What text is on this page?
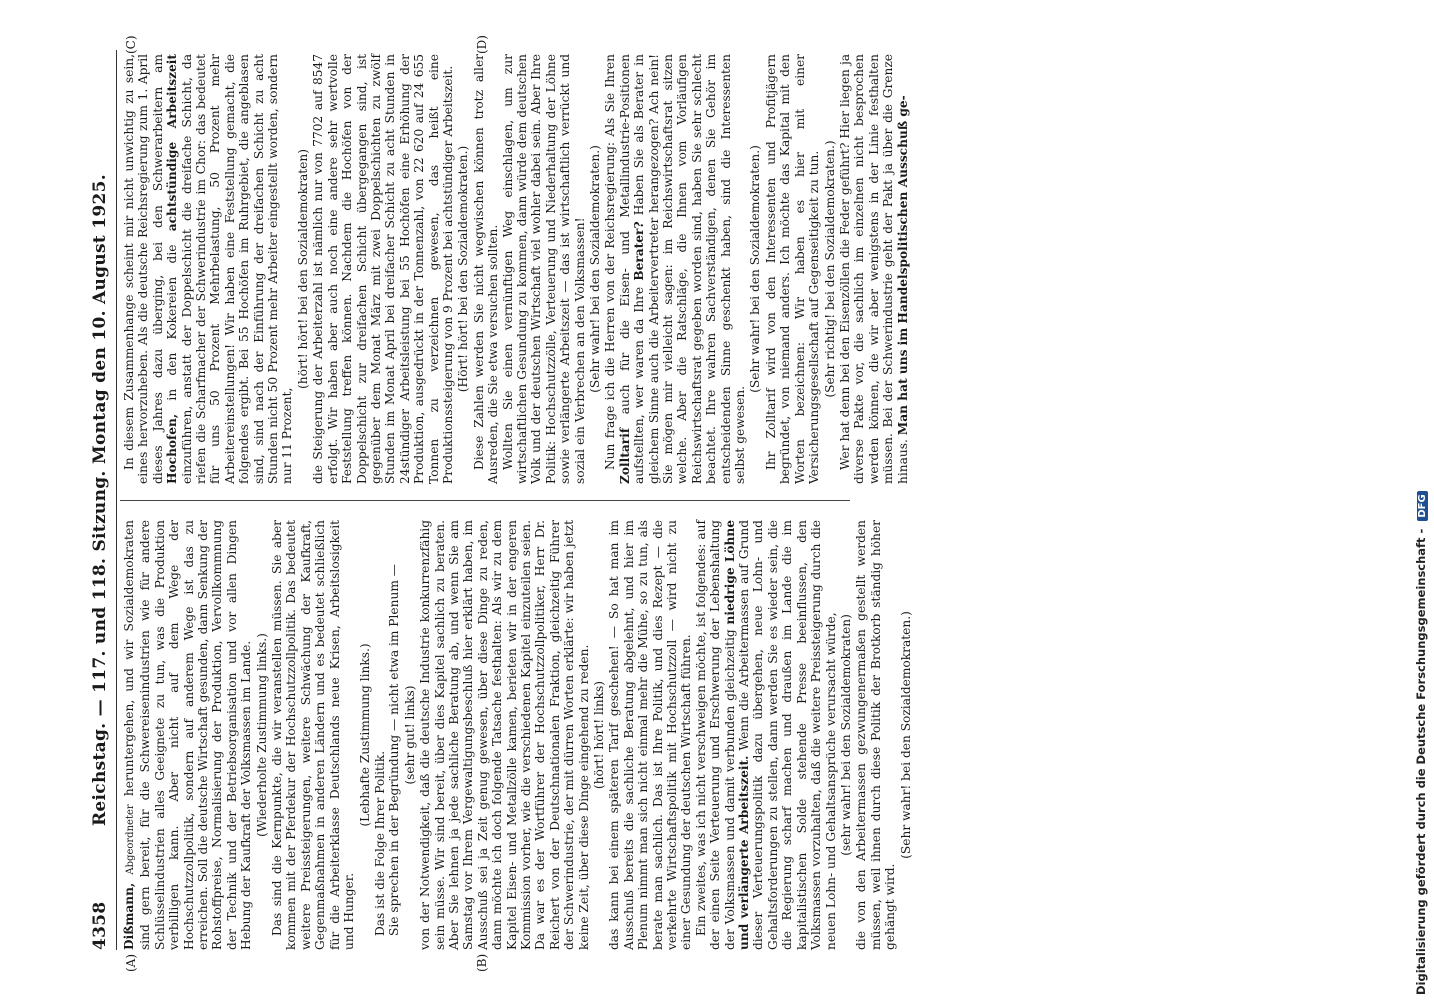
4358
Reichstag. — 117. und 118. Sitzung. Montag den 10. August 1925.
(A)	(B)

Dißmann, Abgeordneter heruntergehen, und wir Sozialdemokraten sind gern bereit, für die Schwereisenindustrien wie für andere Schlüsselindustrien alles Geeignete zu tun, was die Produktion verbilligen kann. Aber nicht auf dem Wege der Hochschutzzollpolitik, sondern auf anderem Wege ist das zu erreichen. Soll die deutsche Wirtschaft gesunden, dann Senkung der Rohstoffpreise, Normalisierung der Produktion, Vervollkommnung der Technik und der Betriebsorganisation und vor allen Dingen Hebung der Kaufkraft der Volksmassen im Lande. (Wiederholte Zustimmung links.) Das sind die Kernpunkte, die wir veranstellen müssen. Sie aber kommen mit der Pferdekur der Hochschutzzollpolitik. Das bedeutet weitere Preissteigerungen, weitere Schwächung der Kaufkraft, Gegenmaßnahmen in anderen Ländern und es bedeutet schließlich für die Arbeiterklasse Deutschlands neue Krisen, Arbeitslosigkeit und Hunger.

(Lebhafte Zustimmung links.)

Das ist die Folge Ihrer Politik. Sie sprechen in der Begründung — nicht etwa im Plenum — (sehr gut! links) von der Notwendigkeit, daß die deutsche Industrie konkurrenzfähig sein müsse. Wir sind bereit, über dies Kapitel sachlich zu beraten. Aber Sie lehnen ja jede sachliche Beratung ab, und wenn Sie am Samstag vor Ihrem Vergewaltigungsbeschluß hier erklärt haben, im Ausschuß sei ja Zeit genug gewesen, über diese Dinge zu reden, dann möchte ich doch folgende Tatsache festhalten: Als wir zu dem Kapitel Eisen- und Metallzölle kamen, berieten wir in der engeren Kommission vorher, wie die verschiedenen Kapitel einzuteilen seien. Da war es der Wortführer der Hochschutzzollpolitiker, Herr Dr. Reichert von der Deutschnationalen Fraktion, gleichzeitig Führer der Schwerindustrie, der mit dürren Worten erklärte: wir haben jetzt keine Zeit, über diese Dinge eingehend zu reden. (hört! hört! links) das kann bei einem späteren Tarif geschehen! — So hat man im Ausschuß bereits die sachliche Beratung abgelehnt, und hier im Plenum nimmt man sich nicht einmal mehr die Mühe, so zu tun, als berate man sachlich. Das ist Ihre Politik, und dies Rezept — die verkehrte Wirtschaftspolitik mit Hochschutzzoll — wird nicht zu einer Gesundung der deutschen Wirtschaft führen. Ein zweites, was ich nicht verschweigen möchte, ist folgendes: auf der einen Seite Verteuerung und Erschwerung der Lebenshaltung der Volksmassen und damit verbunden gleichzeitig niedrige Löhne und verlängerte Arbeitszeit. Wenn die Arbeitermassen auf Grund dieser Verteuerungspolitik dazu übergehen, neue Lohn- und Gehaltsforderungen zu stellen, dann werden Sie es wieder sein, die die Regierung scharf machen und draußen im Lande die im kapitalistischen Solde stehende Presse beeinflussen, den Volksmassen vorzuhalten, daß die weitere Preissteigerung durch die neuen Lohn- und Gehaltsansprüche verursacht würde, (sehr wahr! bei den Sozialdemokraten) die von den Arbeitermassen gezwungenermaßen gestellt werden müssen, weil ihnen durch diese Politik der Brotkorb ständig höher gehängt wird.

(Sehr wahr! bei den Sozialdemokraten.)

In diesem Zusammenhange scheint mir nicht unwichtig zu sein, eines hervorzuheben. Als die deutsche Reichsregierung zum 1. April dieses Jahres dazu überging, bei den Schwerarbeitern am Hochofen, in den Kokereien die achtstündige Arbeitszeit einzuführen, anstatt der Doppelschicht die dreifache Schicht, da riefen die Scharfmacher der Schwerindustrie im Chor: das bedeutet für uns 50 Prozent Mehrbelastung, 50 Prozent mehr Arbeitereinstellungen! Wir haben eine Feststellung gemacht, die folgendes ergibt. Bei 55 Hochöfen im Ruhrgebiet, die angeblasen sind, sind nach der Einführung der dreifachen Schicht zu acht Stunden nicht 50 Prozent mehr Arbeiter eingestellt worden, sondern nur 11 Prozent,

(hört! hört! bei den Sozialdemokraten) die Steigerung der Arbeiterzahl ist nämlich nur von 7702 auf 8547 erfolgt. Wir haben aber auch noch eine andere sehr wertvolle Feststellung treffen können. Nachdem die Hochöfen von der Doppelschicht zur dreifachen Schicht übergegangen sind, ist gegenüber dem Monat März mit zwei Doppelschichten zu zwölf Stunden im Monat April bei dreifacher Schicht zu acht Stunden in 24stündiger Arbeitsleistung bei 55 Hochöfen eine Erhöhung der Produktion, ausgedrückt in der Tonnenzahl, von 22 620 auf 24 655 Tonnen zu verzeichnen gewesen, das heißt eine Produktionssteigerung von 9 Prozent bei achtstündiger Arbeitszeit. (Hört! hört! bei den Sozialdemokraten.) Diese Zahlen werden Sie nicht wegwischen können trotz aller Ausreden, die Sie etwa versuchen sollten. Wollten Sie einen vernünftigen Weg einschlagen, um zur wirtschaftlichen Gesundung zu kommen, dann würde dem deutschen Volk und der deutschen Wirtschaft viel wohler dabei sein. Aber Ihre Politik: Hochschutzzölle, Verteuerung und Niederhaltung der Löhne sowie verlängerte Arbeitszeit — das ist wirtschaftlich verrückt und sozial ein Verbrechen an den Volksmassen! (Sehr wahr! bei den Sozialdemokraten.) Nun frage ich die Herren von der Reichsregierung: Als Sie Ihren Zolltarif auch für die Eisen- und Metallindustrie-Positionen aufstellten, wer waren da Ihre Berater? Haben Sie als Berater in gleichem Sinne auch die Arbeitervertreter herangezogen? Ach nein! Sie mögen mir vielleicht sagen: im Reichswirtschaftsrat sitzen welche. Aber die Ratschläge, die Ihnen vom Vorläufigen Reichswirtschaftsrat gegeben worden sind, haben Sie sehr schlecht beachtet. Ihre wahren Sachverständigen, denen Sie Gehör im entscheidenden Sinne geschenkt haben, sind die Interessenten selbst gewesen.

(Sehr wahr! bei den Sozialdemokraten.) Ihr Zolltarif wird von den Interessenten und Profitjägern begründet, von niemand anders. Ich möchte das Kapital mit den Worten bezeichnen: Wir haben es hier mit einer Versicherungsgesellschaft auf Gegenseitigkeit zu tun. (Sehr richtig! bei den Sozialdemokraten.) Wer hat denn bei den Eisenzöllen die Feder geführt? Hier liegen ja diverse Pakte vor, die sachlich im einzelnen nicht besprochen werden können, die wir aber wenigstens in der Linie festhalten müssen. Bei der Schwerindustrie geht der Pakt ja über die Grenze hinaus. Man hat uns im Handelspolitischen Ausschuß ge-

(C)	(D)
Digitalisierung gefördert durch die Deutsche Forschungsgemeinschaft - DFG
